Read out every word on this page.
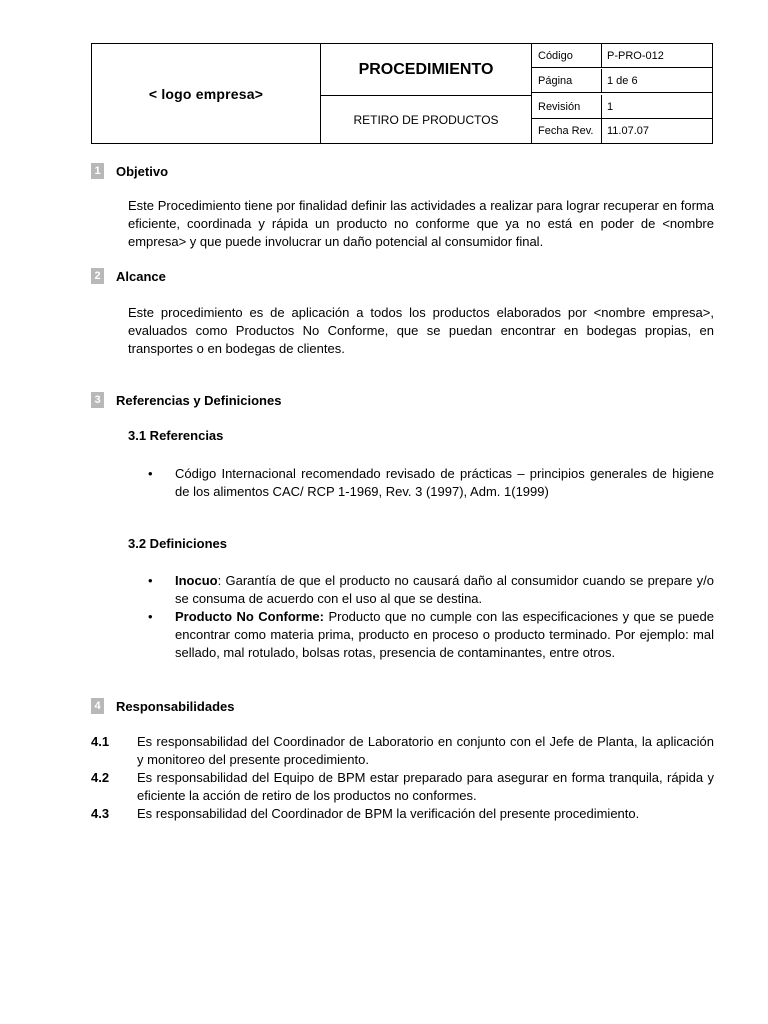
< logo empresa>
PROCEDIMIENTO
RETIRO DE PRODUCTOS
Código	P-PRO-012
Página	1 de 6
Revisión	1
Fecha Rev.	11.07.07
1 Objetivo
Este Procedimiento tiene por finalidad definir las actividades a realizar para lograr recuperar en forma eficiente, coordinada y rápida un producto no conforme que ya no está en poder de <nombre empresa> y que puede involucrar un daño potencial al consumidor final.
2 Alcance
Este procedimiento es de aplicación a todos los productos elaborados por <nombre empresa>, evaluados como Productos No Conforme, que se puedan encontrar en bodegas propias, en transportes o en bodegas de clientes.
3 Referencias y Definiciones
3.1 Referencias
• Código Internacional recomendado revisado de prácticas – principios generales de higiene de los alimentos CAC/ RCP 1-1969, Rev. 3 (1997), Adm. 1(1999)
3.2 Definiciones
• Inocuo: Garantía de que el producto no causará daño al consumidor cuando se prepare y/o se consuma de acuerdo con el uso al que se destina.
• Producto No Conforme: Producto que no cumple con las especificaciones y que se puede encontrar como materia prima, producto en proceso o producto terminado. Por ejemplo: mal sellado, mal rotulado, bolsas rotas, presencia de contaminantes, entre otros.
4 Responsabilidades
4.1	Es responsabilidad del Coordinador de Laboratorio en conjunto con el Jefe de Planta, la aplicación y monitoreo del presente procedimiento.
4.2	Es responsabilidad del Equipo de BPM estar preparado para asegurar en forma tranquila, rápida y eficiente la acción de retiro de los productos no conformes.
4.3	Es responsabilidad del Coordinador de BPM la verificación del presente procedimiento.
